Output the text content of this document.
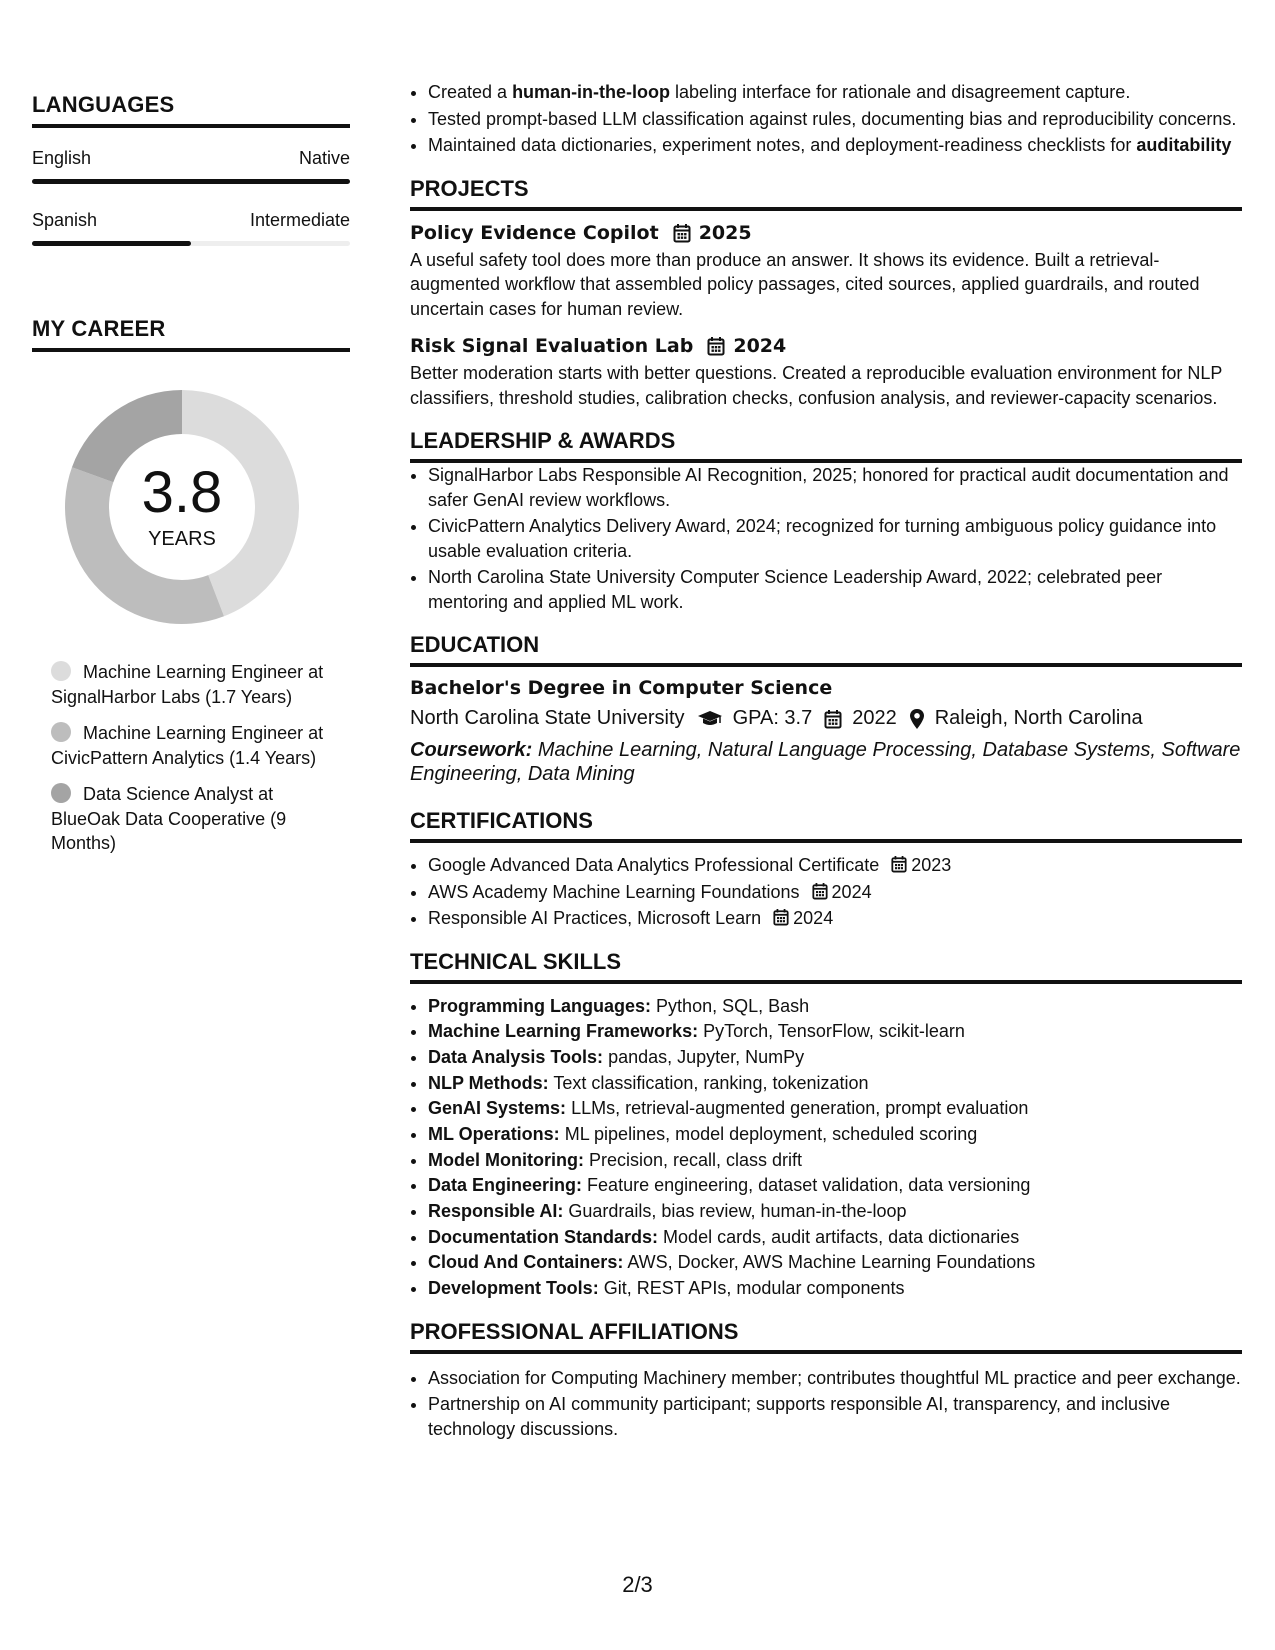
LANGUAGES
English	Native
Spanish	Intermediate
MY CAREER
3.8
YEARS
Machine Learning Engineer at SignalHarbor Labs (1.7 Years)
Machine Learning Engineer at CivicPattern Analytics (1.4 Years)
Data Science Analyst at BlueOak Data Cooperative (9 Months)
• Created a human-in-the-loop labeling interface for rationale and disagreement capture.
• Tested prompt-based LLM classification against rules, documenting bias and reproducibility concerns.
• Maintained data dictionaries, experiment notes, and deployment-readiness checklists for auditability
PROJECTS
Policy Evidence Copilot 2025
A useful safety tool does more than produce an answer. It shows its evidence. Built a retrieval-augmented workflow that assembled policy passages, cited sources, applied guardrails, and routed uncertain cases for human review.
Risk Signal Evaluation Lab 2024
Better moderation starts with better questions. Created a reproducible evaluation environment for NLP classifiers, threshold studies, calibration checks, confusion analysis, and reviewer-capacity scenarios.
LEADERSHIP & AWARDS
• SignalHarbor Labs Responsible AI Recognition, 2025; honored for practical audit documentation and safer GenAI review workflows.
• CivicPattern Analytics Delivery Award, 2024; recognized for turning ambiguous policy guidance into usable evaluation criteria.
• North Carolina State University Computer Science Leadership Award, 2022; celebrated peer mentoring and applied ML work.
EDUCATION
Bachelor's Degree in Computer Science
North Carolina State University GPA: 3.7 2022 Raleigh, North Carolina
Coursework: Machine Learning, Natural Language Processing, Database Systems, Software Engineering, Data Mining
CERTIFICATIONS
• Google Advanced Data Analytics Professional Certificate 2023
• AWS Academy Machine Learning Foundations 2024
• Responsible AI Practices, Microsoft Learn 2024
TECHNICAL SKILLS
• Programming Languages: Python, SQL, Bash
• Machine Learning Frameworks: PyTorch, TensorFlow, scikit-learn
• Data Analysis Tools: pandas, Jupyter, NumPy
• NLP Methods: Text classification, ranking, tokenization
• GenAI Systems: LLMs, retrieval-augmented generation, prompt evaluation
• ML Operations: ML pipelines, model deployment, scheduled scoring
• Model Monitoring: Precision, recall, class drift
• Data Engineering: Feature engineering, dataset validation, data versioning
• Responsible AI: Guardrails, bias review, human-in-the-loop
• Documentation Standards: Model cards, audit artifacts, data dictionaries
• Cloud And Containers: AWS, Docker, AWS Machine Learning Foundations
• Development Tools: Git, REST APIs, modular components
PROFESSIONAL AFFILIATIONS
• Association for Computing Machinery member; contributes thoughtful ML practice and peer exchange.
• Partnership on AI community participant; supports responsible AI, transparency, and inclusive technology discussions.
2/3
